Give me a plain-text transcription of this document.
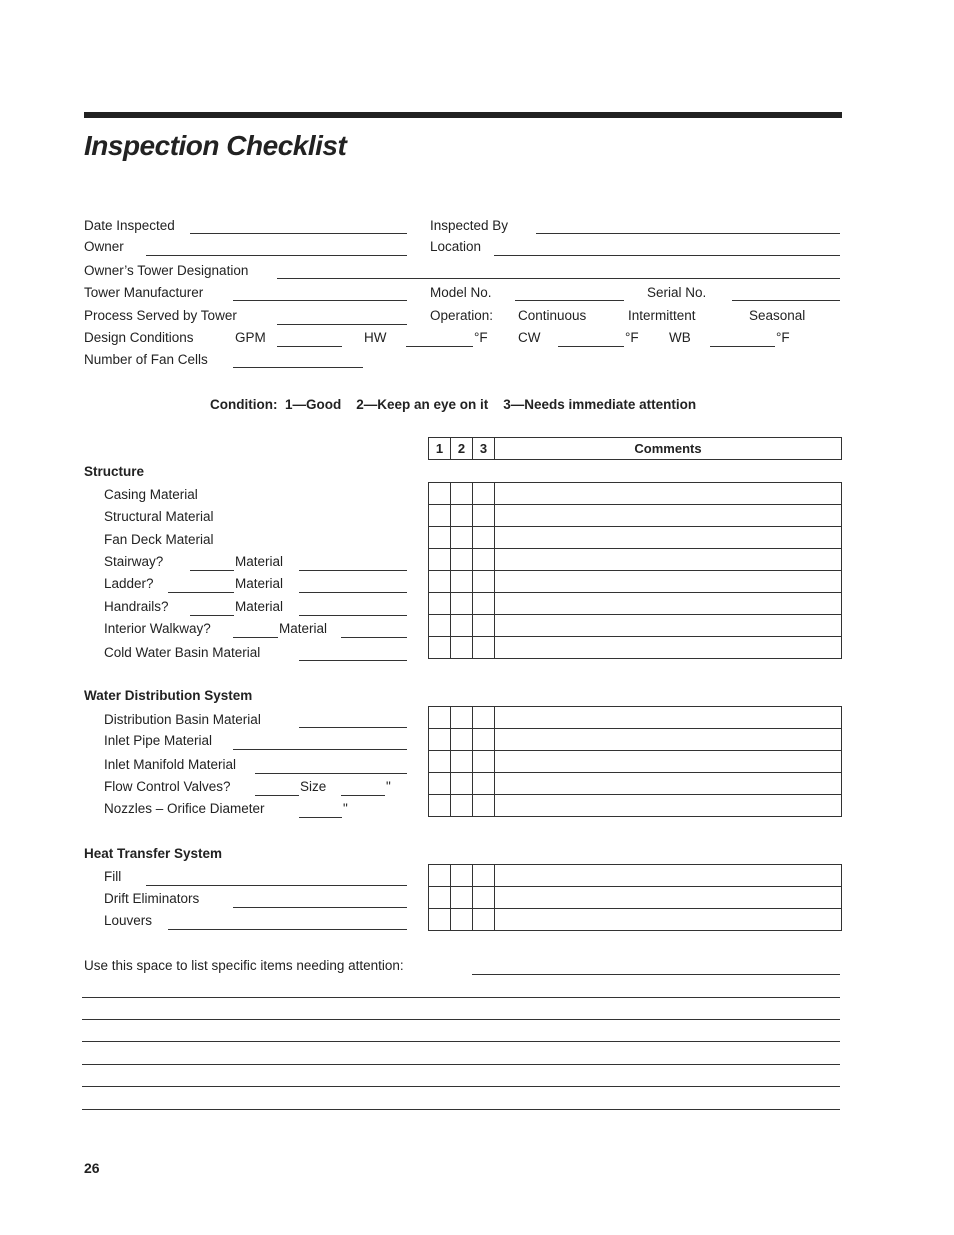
Inspection Checklist
Date Inspected	Inspected By
Owner	Location
Owner’s Tower Designation
Tower Manufacturer	Model No.	Serial No.
Process Served by Tower	Operation: Continuous	Intermittent	Seasonal
Design Conditions	GPM	HW	°F CW	°F WB	°F
Number of Fan Cells
Condition:  1—Good    2—Keep an eye on it    3—Needs immediate attention
1	2	3	Comments
Structure
Casing Material
Structural Material
Fan Deck Material
Stairway?	Material
Ladder?	Material
Handrails?	Material
Interior Walkway?	Material
Cold Water Basin Material
Water Distribution System
Distribution Basin Material
Inlet Pipe Material
Inlet Manifold Material
Flow Control Valves?	Size	"
Nozzles – Orifice Diameter	"
Heat Transfer System
Fill
Drift Eliminators
Louvers
Use this space to list specific items needing attention:
26
